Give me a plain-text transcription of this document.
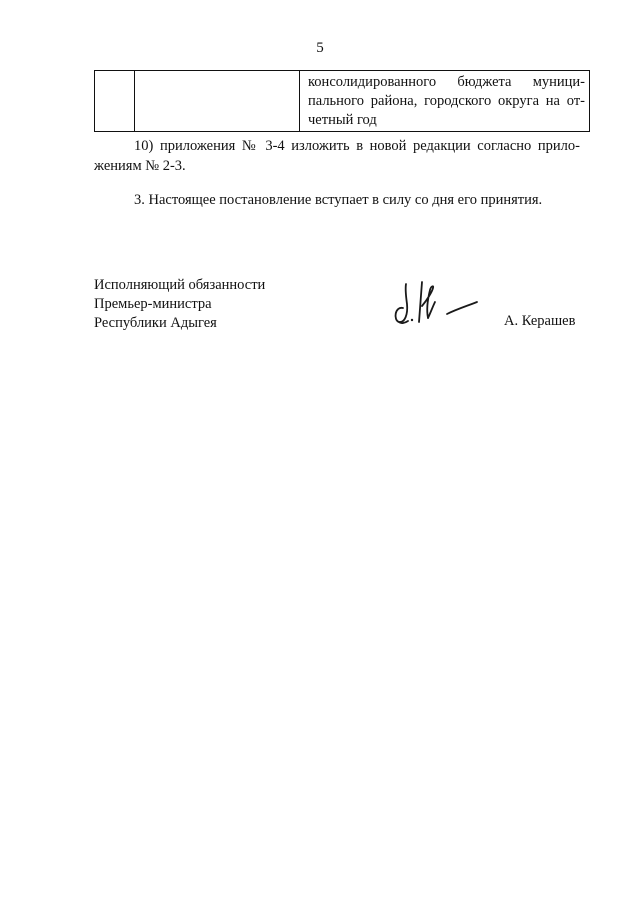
5

консолидированного бюджета муници-
пального района, городского округа на от-
четный год
10) приложения № 3-4 изложить в новой редакции согласно прило-
жениям № 2-3.
3. Настоящее постановление вступает в силу со дня его принятия.
Исполняющий обязанности
Премьер-министра
Республики Адыгея	А. Керашев
